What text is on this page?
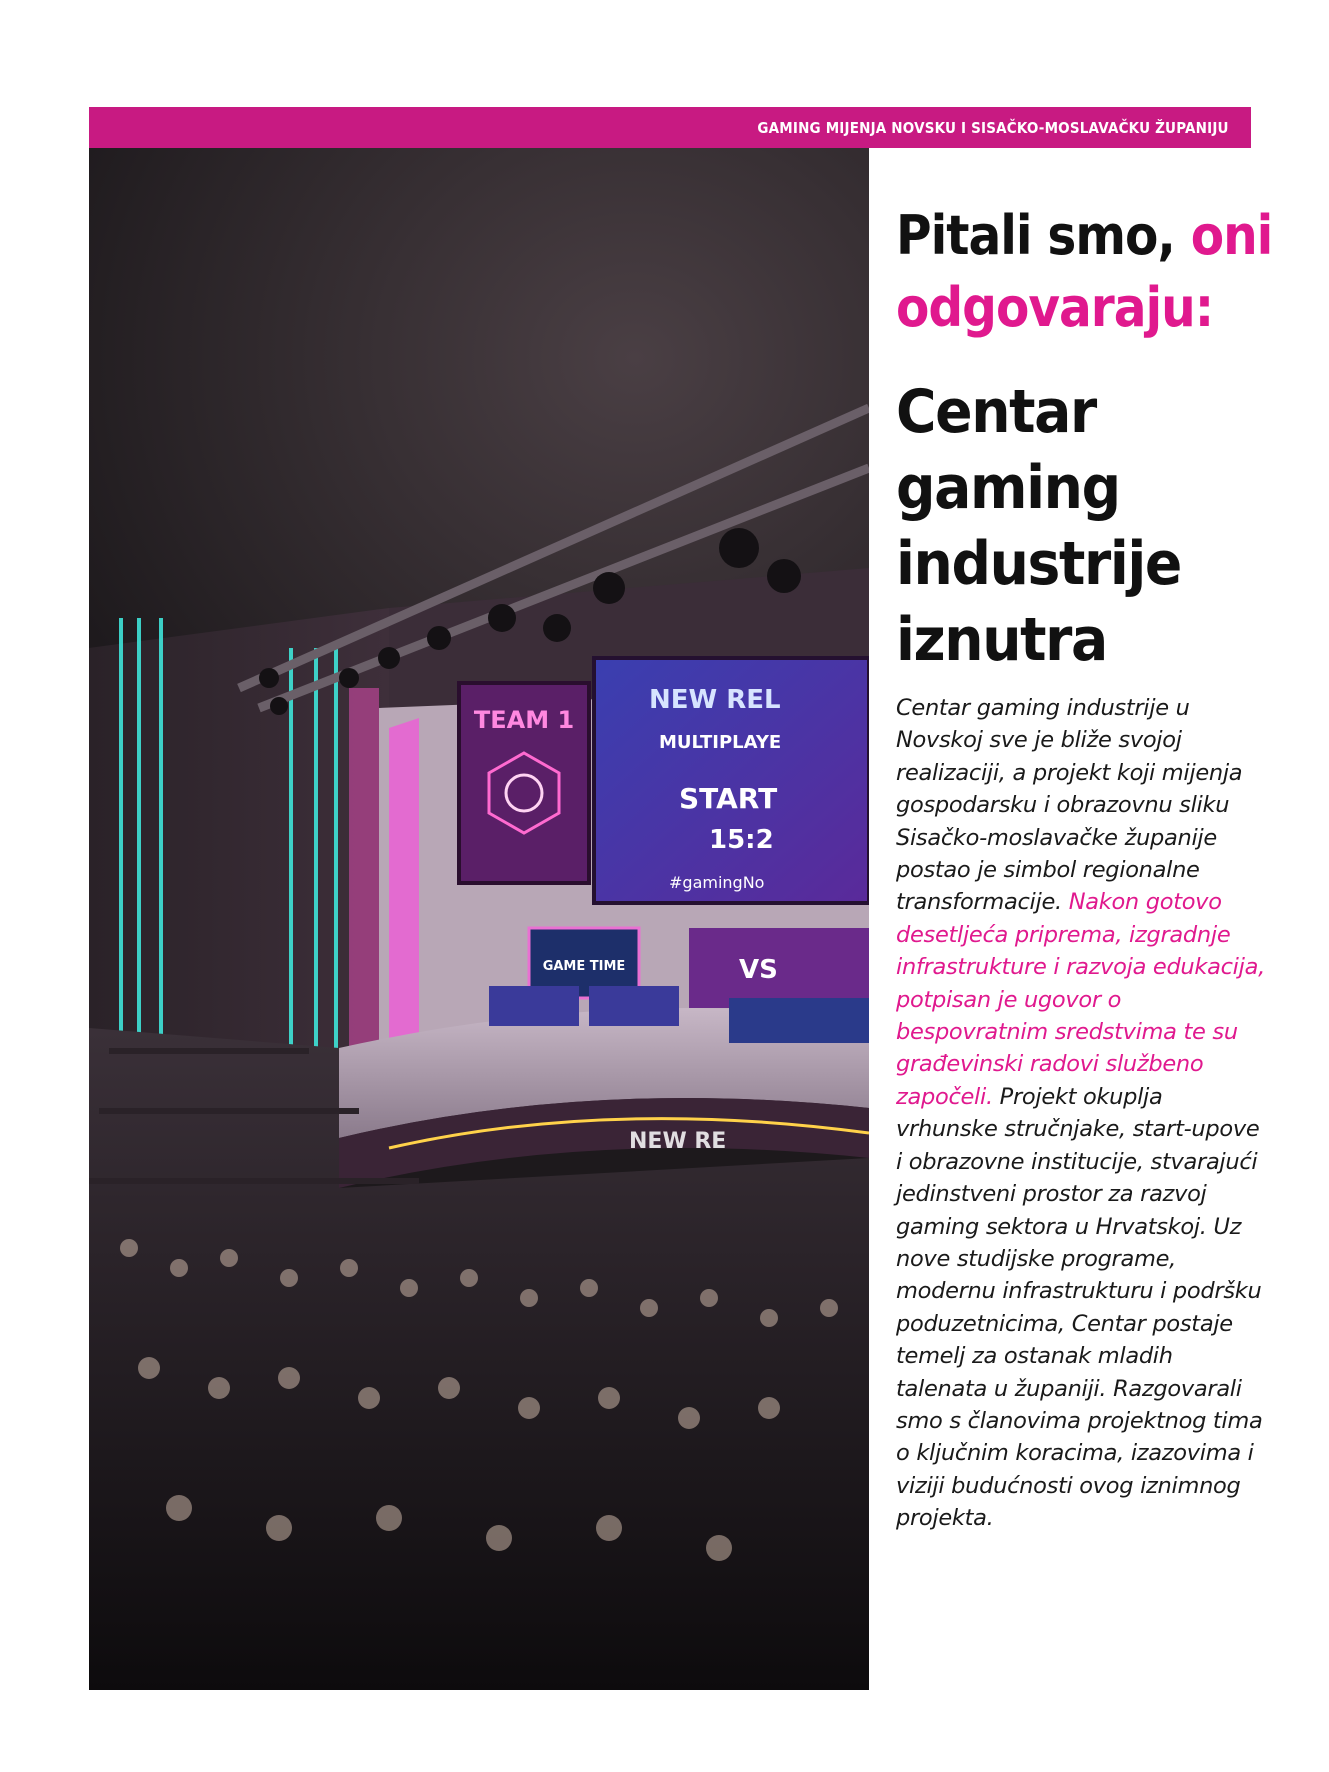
GAMING MIJENJA NOVSKU I SISAČKO-MOSLAVAČKU ŽUPANIJU
TEAM 1
NEW REL
MULTIPLAYE
START
15:2
#gamingNo
GAME TIME	VS
NEW RE
Pitali smo, oni
odgovaraju:
Centar
gaming
industrije
iznutra

Centar gaming industrije u Novskoj sve je bliže svojoj realizaciji, a projekt koji mijenja gospodarsku i obrazovnu sliku Sisačko-moslavačke županije postao je simbol regionalne transformacije. Nakon gotovo desetljeća priprema, izgradnje infrastrukture i razvoja edukacija, potpisan je ugovor o bespovratnim sredstvima te su građevinski radovi službeno započeli. Projekt okuplja vrhunske stručnjake, start-upove i obrazovne institucije, stvarajući jedinstveni prostor za razvoj gaming sektora u Hrvatskoj. Uz nove studijske programe, modernu infrastrukturu i podršku poduzetnicima, Centar postaje temelj za ostanak mladih talenata u županiji. Razgovarali smo s članovima projektnog tima o ključnim koracima, izazovima i viziji budućnosti ovog iznimnog projekta.
